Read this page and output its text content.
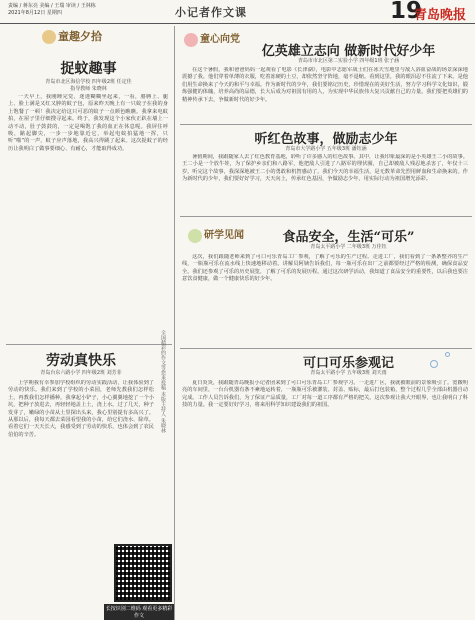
责编 / 蒋东亮 美编 / 王瑞 审读 / 王林栋
2021年8月12日 星期四	小记者作文课	19
青岛晚报
童趣夕拾
捉蚊趣事
青岛市北区海信学校 四年级2班 任定佳
指导教师 朱晓林
一天早上，我刚睡完觉，迷迷糊糊坐起来，一看，胳膊上、腿上、脸上满是又红又肿的蚊子包，原来昨天晚上有一只蚊子在我的身上饱餐了一顿！我决定给这只可恶的蚊子一点颜色瞧瞧。我拿来电蚊拍，在屋子里仔细搜寻起来。终于，我发现这个小家伙正趴在墙上一动不动，肚子鼓鼓的，一定是喝饱了我的血正在休息呢。我屏住呼吸，踮起脚尖，一步一步地靠近它，举起电蚊拍猛地一挥，只听“啪”的一声，蚊子应声落地，我高兴得跳了起来。这次捉蚊子的经历让我明白了做事要细心、有耐心，才能取得成功。
劳动真快乐
青岛台东六路小学 四年级2班 刘芳菲
上学期我有幸参加学校组织的劳动实践活动，让我体验到了劳动的快乐。我们来到了学校的小菜园，老师先教我们怎样松土，再教我们怎样播种。我拿起小铲子，小心翼翼地挖了一个小坑，把种子放进去，再轻轻地盖上土，浇上水。过了几天，种子发芽了，嫩绿的小苗从土里探出头来，我心里别提有多高兴了。从那以后，我每天都去菜园看望我的小苗，给它们浇水、除草。看着它们一天天长大，我感受到了劳动的快乐，也体会到了农民伯伯的辛苦。
长按识别二维码 观看更多精彩作文
全国精彩的作文等您来投稿 本版主持人 朱晓林
童心向党
亿英雄立志向 做新时代好少年
青岛市市北区第二实验小学 四年级1班 张子涵
在这个暑假，我和爸爸妈妈一起观看了电影《长津湖》，电影中志愿军战士们在冰天雪地里与敌人浴血奋战的场景深深地震撼了我。他们穿着单薄的衣服，吃着冻硬的土豆，却依然坚守阵地，毫不退缩。看到这里，我的眼泪忍不住流了下来。是他们用生命换来了今天的和平与幸福。作为新时代的少年，我们要铭记历史，珍惜现在的美好生活，努力学习科学文化知识，锻炼强健的体魄，培养高尚的品德，长大后成为对祖国有用的人，为实现中华民族伟大复兴贡献自己的力量。我们要把英雄们的精神传承下去，争做新时代的好少年。
听红色故事，做励志少年
青岛市大学路小学 五年级3班 潘钰涵
暑假期间，我跟随家人去了红色教育基地，聆听了许多感人的红色故事。其中，让我印象最深的是小英雄王二小的故事。王二小是一个放牛娃，为了保护乡亲们和八路军，他把敌人引进了八路军的埋伏圈，自己却被敌人残忍地杀害了，年仅十三岁。听完这个故事，我深深地被王二小的勇敢和机智感动了。我们今天的幸福生活，是无数革命先烈用鲜血和生命换来的。作为新时代的少年，我们要好好学习，天天向上，传承红色基因，争做励志少年，用实际行动为祖国增光添彩。
研学见闻	食品安全，生活“可乐”
青岛太平路小学 二年级3班 万佳钰
这次，我们跟随老师来到了可口可乐青岛工厂参观，了解了可乐的生产过程。走进工厂，我们看到了一条条整齐的生产线，一瓶瓶可乐在流水线上快速地移动着。讲解员阿姨告诉我们，每一瓶可乐在出厂之前都要经过严格的检测，确保食品安全。我们还参观了可乐的历史展览，了解了可乐的发展历程。通过这次研学活动，我知道了食品安全的重要性，以后我也要注意饮食健康，做一个健康快乐的好少年。
可口可乐参观记
青岛太平路小学 五年级3班 刘天雨
夏日炎炎，我跟随青岛晚报小记者团来到了可口可乐青岛工厂参观学习。一走进厂区，我就被眼前的景象吸引了。宽敞明亮的车间里，一台台机器有条不紊地运转着，一瓶瓶可乐被灌装、封盖、贴标，最后打包装箱，整个过程几乎全部由机器自动完成。工作人员告诉我们，为了保证产品质量，工厂对每一道工序都有严格的把关。这次参观让我大开眼界，也让我明白了科技的力量。我一定要好好学习，将来用科学知识建设我们的祖国。
